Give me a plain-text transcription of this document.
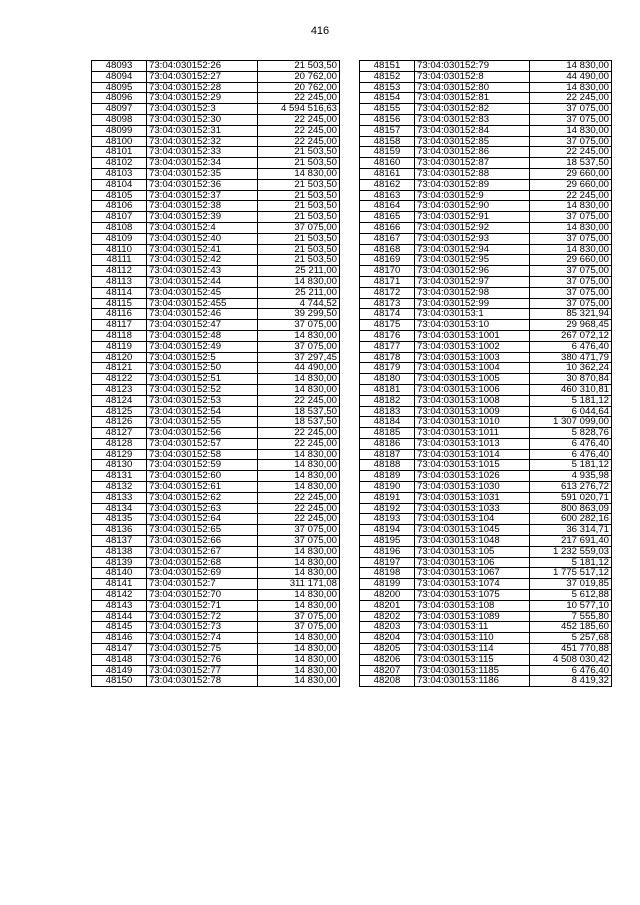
416
48093	73:04:030152:26	21 503,50
48094	73:04:030152:27	20 762,00
48095	73:04:030152:28	20 762,00
48096	73:04:030152:29	22 245,00
48097	73:04:030152:3	4 594 516,63
48098	73:04:030152:30	22 245,00
48099	73:04:030152:31	22 245,00
48100	73:04:030152:32	22 245,00
48101	73:04:030152:33	21 503,50
48102	73:04:030152:34	21 503,50
48103	73:04:030152:35	14 830,00
48104	73:04:030152:36	21 503,50
48105	73:04:030152:37	21 503,50
48106	73:04:030152:38	21 503,50
48107	73:04:030152:39	21 503,50
48108	73:04:030152:4	37 075,00
48109	73:04:030152:40	21 503,50
48110	73:04:030152:41	21 503,50
48111	73:04:030152:42	21 503,50
48112	73:04:030152:43	25 211,00
48113	73:04:030152:44	14 830,00
48114	73:04:030152:45	25 211,00
48115	73:04:030152:455	4 744,52
48116	73:04:030152:46	39 299,50
48117	73:04:030152:47	37 075,00
48118	73:04:030152:48	14 830,00
48119	73:04:030152:49	37 075,00
48120	73:04:030152:5	37 297,45
48121	73:04:030152:50	44 490,00
48122	73:04:030152:51	14 830,00
48123	73:04:030152:52	14 830,00
48124	73:04:030152:53	22 245,00
48125	73:04:030152:54	18 537,50
48126	73:04:030152:55	18 537,50
48127	73:04:030152:56	22 245,00
48128	73:04:030152:57	22 245,00
48129	73:04:030152:58	14 830,00
48130	73:04:030152:59	14 830,00
48131	73:04:030152:60	14 830,00
48132	73:04:030152:61	14 830,00
48133	73:04:030152:62	22 245,00
48134	73:04:030152:63	22 245,00
48135	73:04:030152:64	22 245,00
48136	73:04:030152:65	37 075,00
48137	73:04:030152:66	37 075,00
48138	73:04:030152:67	14 830,00
48139	73:04:030152:68	14 830,00
48140	73:04:030152:69	14 830,00
48141	73:04:030152:7	311 171,08
48142	73:04:030152:70	14 830,00
48143	73:04:030152:71	14 830,00
48144	73:04:030152:72	37 075,00
48145	73:04:030152:73	37 075,00
48146	73:04:030152:74	14 830,00
48147	73:04:030152:75	14 830,00
48148	73:04:030152:76	14 830,00
48149	73:04:030152:77	14 830,00
48150	73:04:030152:78	14 830,00
48151	73:04:030152:79	14 830,00
48152	73:04:030152:8	44 490,00
48153	73:04:030152:80	14 830,00
48154	73:04:030152:81	22 245,00
48155	73:04:030152:82	37 075,00
48156	73:04:030152:83	37 075,00
48157	73:04:030152:84	14 830,00
48158	73:04:030152:85	37 075,00
48159	73:04:030152:86	22 245,00
48160	73:04:030152:87	18 537,50
48161	73:04:030152:88	29 660,00
48162	73:04:030152:89	29 660,00
48163	73:04:030152:9	22 245,00
48164	73:04:030152:90	14 830,00
48165	73:04:030152:91	37 075,00
48166	73:04:030152:92	14 830,00
48167	73:04:030152:93	37 075,00
48168	73:04:030152:94	14 830,00
48169	73:04:030152:95	29 660,00
48170	73:04:030152:96	37 075,00
48171	73:04:030152:97	37 075,00
48172	73:04:030152:98	37 075,00
48173	73:04:030152:99	37 075,00
48174	73:04:030153:1	85 321,94
48175	73:04:030153:10	29 968,45
48176	73:04:030153:1001	267 072,12
48177	73:04:030153:1002	6 476,40
48178	73:04:030153:1003	380 471,79
48179	73:04:030153:1004	10 362,24
48180	73:04:030153:1005	30 870,84
48181	73:04:030153:1006	460 310,81
48182	73:04:030153:1008	5 181,12
48183	73:04:030153:1009	6 044,64
48184	73:04:030153:1010	1 307 099,00
48185	73:04:030153:1011	5 828,76
48186	73:04:030153:1013	6 476,40
48187	73:04:030153:1014	6 476,40
48188	73:04:030153:1015	5 181,12
48189	73:04:030153:1026	4 935,98
48190	73:04:030153:1030	613 276,72
48191	73:04:030153:1031	591 020,71
48192	73:04:030153:1033	800 863,09
48193	73:04:030153:104	600 282,16
48194	73:04:030153:1045	36 314,71
48195	73:04:030153:1048	217 691,40
48196	73:04:030153:105	1 232 559,03
48197	73:04:030153:106	5 181,12
48198	73:04:030153:1067	1 775 517,12
48199	73:04:030153:1074	37 019,85
48200	73:04:030153:1075	5 612,88
48201	73:04:030153:108	10 577,10
48202	73:04:030153:1089	7 555,80
48203	73:04:030153:11	452 185,60
48204	73:04:030153:110	5 257,68
48205	73:04:030153:114	451 770,88
48206	73:04:030153:115	4 508 030,42
48207	73:04:030153:1185	6 476,40
48208	73:04:030153:1186	8 419,32
